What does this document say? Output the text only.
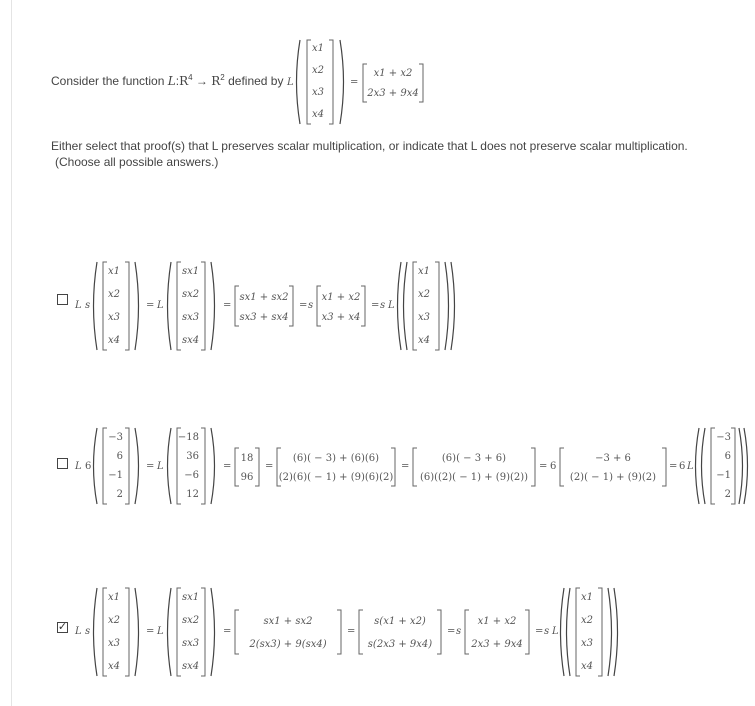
Consider the function $L:R^4 \to R^2$ defined by L
x1
x2
x3
x4
=
x1 + x2
2x3 + 9x4
Either select that proof(s) that L preserves scalar multiplication, or indicate that L does not preserve scalar multiplication.
(Choose all possible answers.)
L s
x1
x2
x3
x4
= L
sx1
sx2
sx3
sx4
=
sx1 + sx2
sx3 + sx4
= s
x1 + x2
x3 + x4
= s L
x1
x2
x3
x4
L 6
−3
6
−1
2
= L
−18
36
−6
12
=
18
96
=
(6)( − 3) + (6)(6)
(2)(6)( − 1) + (9)(6)(2)
=
(6)( − 3 + 6)
(6)((2)( − 1) + (9)(2))
= 6
−3 + 6
(2)( − 1) + (9)(2)
= 6 L
−3
6
−1
2
✓ L s
x1
x2
x3
x4
= L
sx1
sx2
sx3
sx4
=
sx1 + sx2
2(sx3) + 9(sx4)
=
s(x1 + x2)
s(2x3 + 9x4)
= s
x1 + x2
2x3 + 9x4
= s L
x1
x2
x3
x4
